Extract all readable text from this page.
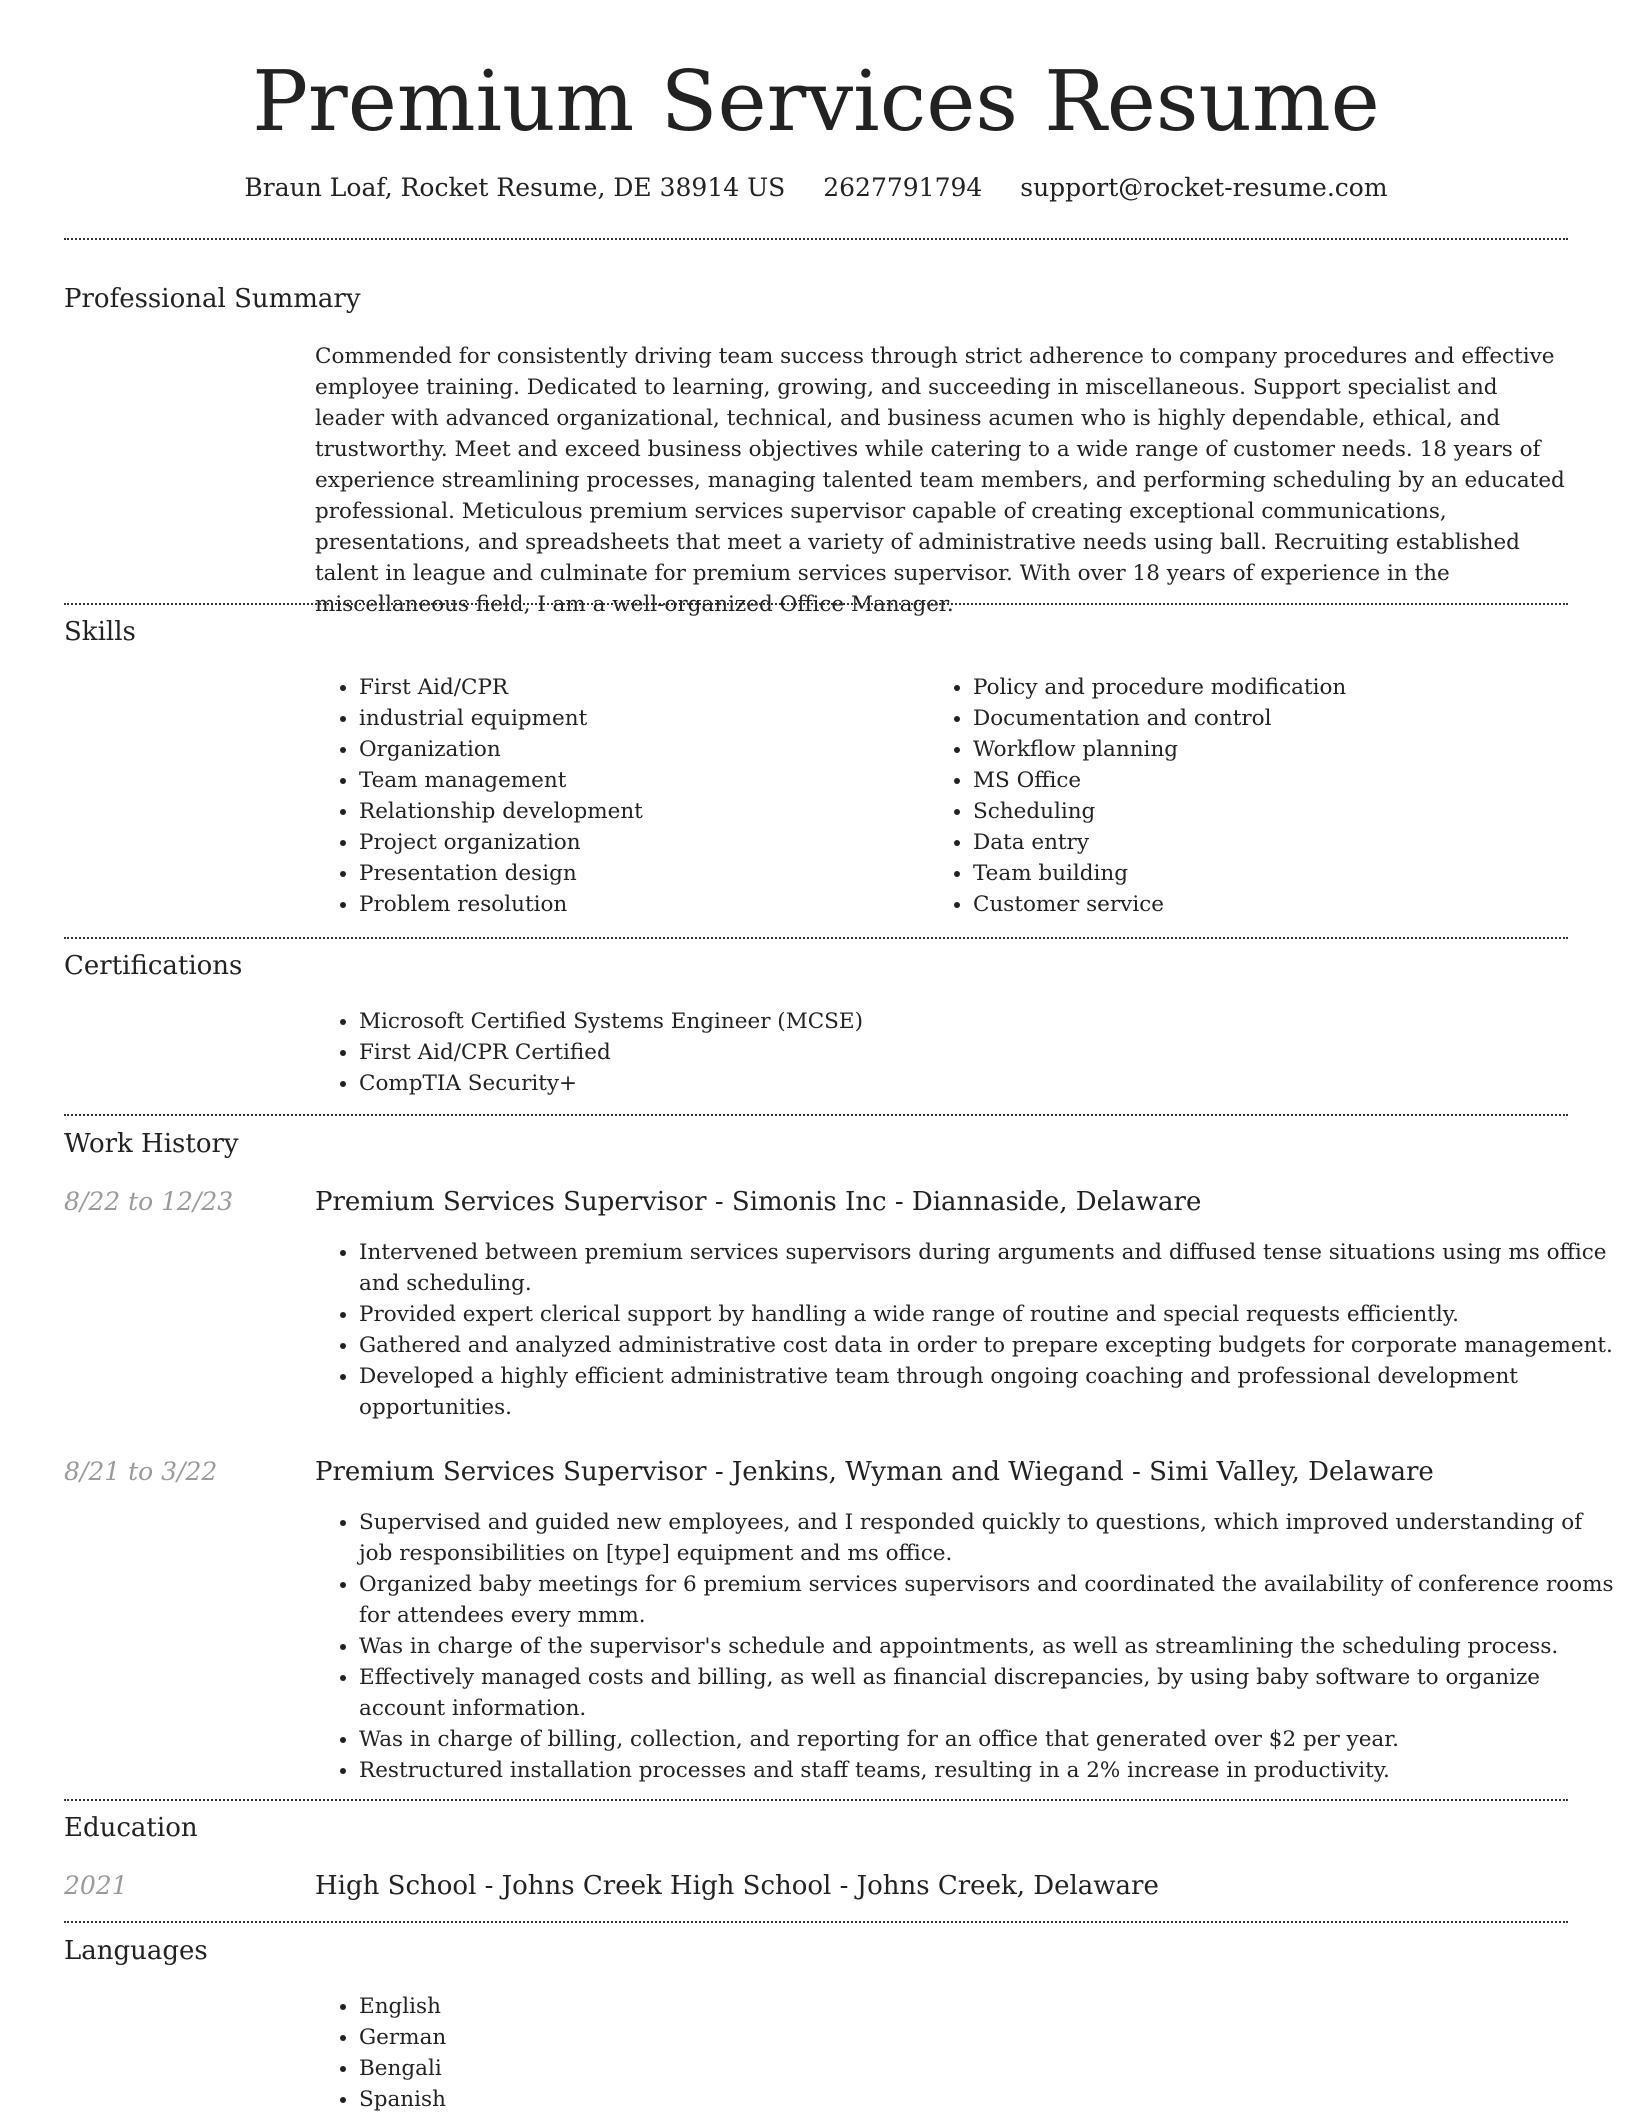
Premium Services Resume
Braun Loaf, Rocket Resume, DE 38914 US 2627791794 support@rocket-resume.com
Professional Summary

Commended for consistently driving team success through strict adherence to company procedures and effective employee training. Dedicated to learning, growing, and succeeding in miscellaneous. Support specialist and leader with advanced organizational, technical, and business acumen who is highly dependable, ethical, and trustworthy. Meet and exceed business objectives while catering to a wide range of customer needs. 18 years of experience streamlining processes, managing talented team members, and performing scheduling by an educated professional. Meticulous premium services supervisor capable of creating exceptional communications, presentations, and spreadsheets that meet a variety of administrative needs using ball. Recruiting established talent in league and culminate for premium services supervisor. With over 18 years of experience in the miscellaneous field, I am a well-organized Office Manager.

Skills
• First Aid/CPR
• industrial equipment
• Organization
• Team management
• Relationship development
• Project organization
• Presentation design
• Problem resolution
• Policy and procedure modification
• Documentation and control
• Workflow planning
• MS Office
• Scheduling
• Data entry
• Team building
• Customer service
Certifications
• Microsoft Certified Systems Engineer (MCSE)
• First Aid/CPR Certified
• CompTIA Security+
Work History
8/22 to 12/23	Premium Services Supervisor - Simonis Inc - Diannaside, Delaware
• Intervened between premium services supervisors during arguments and diffused tense situations using ms office and scheduling.
• Provided expert clerical support by handling a wide range of routine and special requests efficiently.
• Gathered and analyzed administrative cost data in order to prepare excepting budgets for corporate management.
• Developed a highly efficient administrative team through ongoing coaching and professional development opportunities.
8/21 to 3/22	Premium Services Supervisor - Jenkins, Wyman and Wiegand - Simi Valley, Delaware
• Supervised and guided new employees, and I responded quickly to questions, which improved understanding of job responsibilities on [type] equipment and ms office.
• Organized baby meetings for 6 premium services supervisors and coordinated the availability of conference rooms for attendees every mmm.
• Was in charge of the supervisor's schedule and appointments, as well as streamlining the scheduling process.
• Effectively managed costs and billing, as well as financial discrepancies, by using baby software to organize account information.
• Was in charge of billing, collection, and reporting for an office that generated over $2 per year.
• Restructured installation processes and staff teams, resulting in a 2% increase in productivity.
Education
2021	High School - Johns Creek High School - Johns Creek, Delaware
Languages
• English
• German
• Bengali
• Spanish
